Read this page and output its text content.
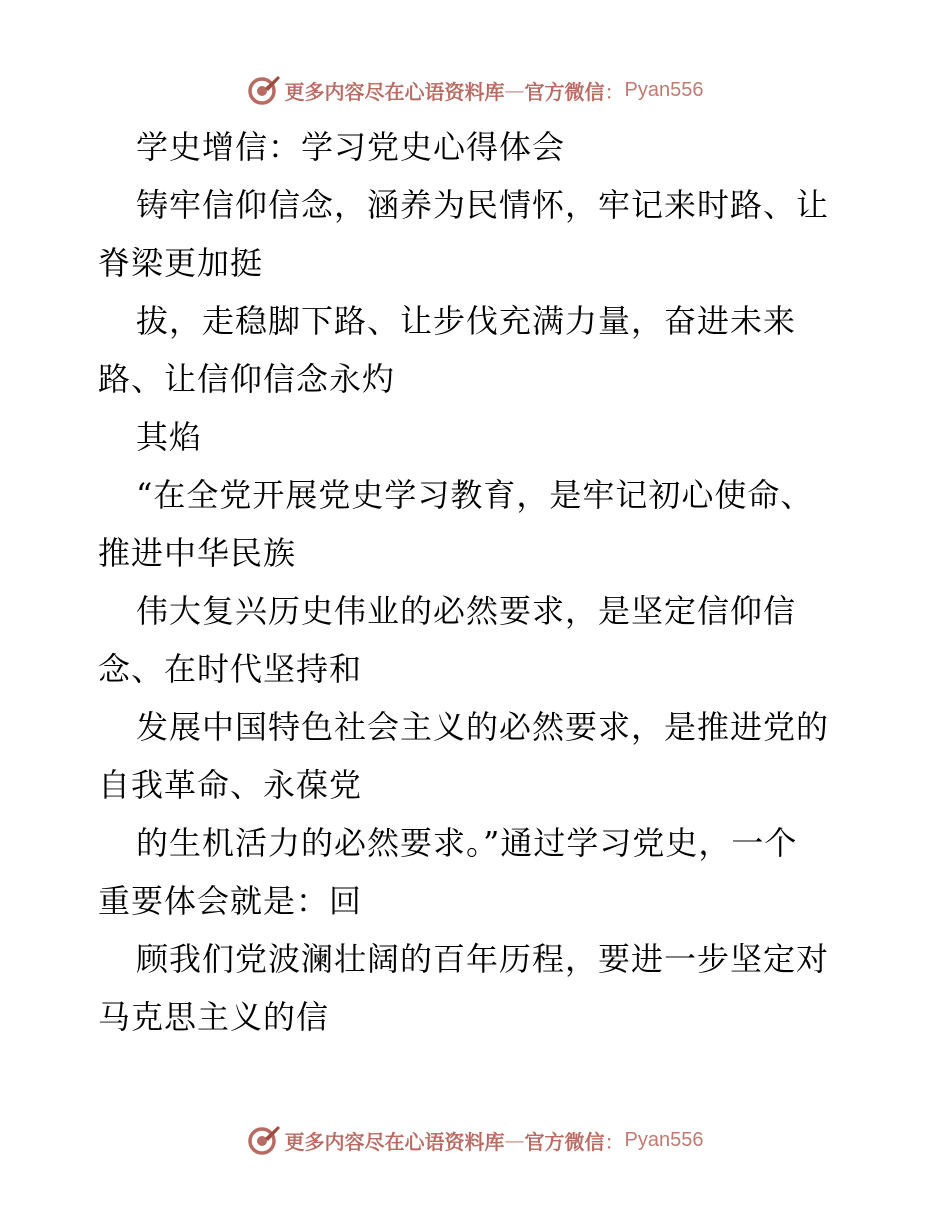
更多内容尽在心语资料库 — 官方微信 ： Pyan556
学史增信：学习党史心得体会
铸牢信仰信念，涵养为民情怀，牢记来时路、让
脊梁更加挺
拔，走稳脚下路、让步伐充满力量，奋进未来
路、让信仰信念永灼
其焰
“在全党开展党史学习教育，是牢记初心使命、
推进中华民族
伟大复兴历史伟业的必然要求，是坚定信仰信
念、在时代坚持和
发展中国特色社会主义的必然要求，是推进党的
自我革命、永葆党
的生机活力的必然要求。”通过学习党史，一个
重要体会就是：回
顾我们党波澜壮阔的百年历程，要进一步坚定对
马克思主义的信
更多内容尽在心语资料库 — 官方微信 ： Pyan556
